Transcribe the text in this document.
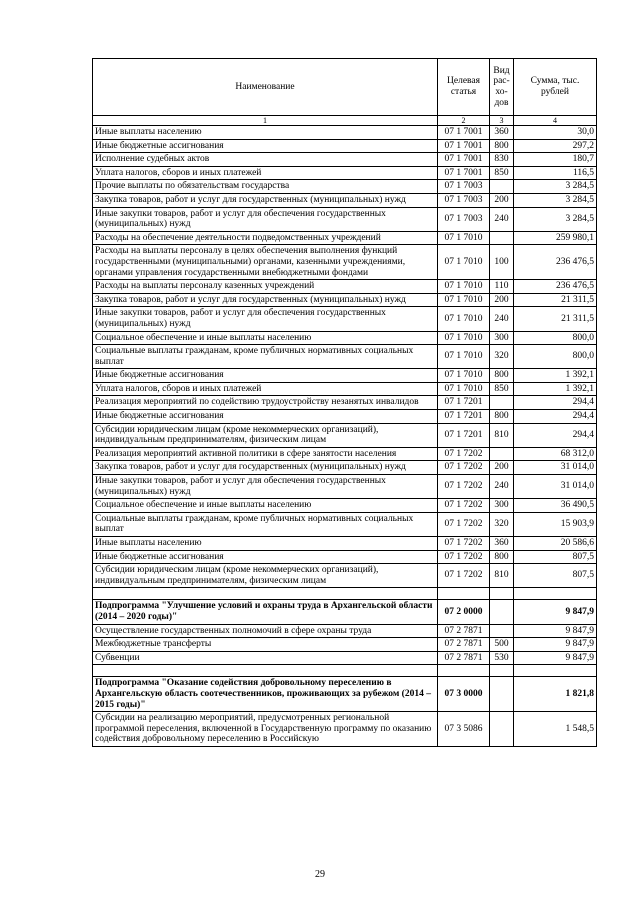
Наименование	Целевая статья	Вид рас-хо-дов	Сумма, тыс. рублей
1	2	3	4
Иные выплаты населению	07 1 7001	360	30,0
Иные бюджетные ассигнования	07 1 7001	800	297,2
Исполнение судебных актов	07 1 7001	830	180,7
Уплата налогов, сборов и иных платежей	07 1 7001	850	116,5
Прочие выплаты по обязательствам государства	07 1 7003		3 284,5
Закупка товаров, работ и услуг для государственных (муниципальных) нужд	07 1 7003	200	3 284,5
Иные закупки товаров, работ и услуг для обеспечения государственных (муниципальных) нужд	07 1 7003	240	3 284,5
Расходы на обеспечение деятельности подведомственных учреждений	07 1 7010		259 980,1
Расходы на выплаты персоналу в целях обеспечения выполнения функций государственными (муниципальными) органами, казенными учреждениями, органами управления государственными внебюджетными фондами	07 1 7010	100	236 476,5
Расходы на выплаты персоналу казенных учреждений	07 1 7010	110	236 476,5
Закупка товаров, работ и услуг для государственных (муниципальных) нужд	07 1 7010	200	21 311,5
Иные закупки товаров, работ и услуг для обеспечения государственных (муниципальных) нужд	07 1 7010	240	21 311,5
Социальное обеспечение и иные выплаты населению	07 1 7010	300	800,0
Социальные выплаты гражданам, кроме публичных нормативных социальных выплат	07 1 7010	320	800,0
Иные бюджетные ассигнования	07 1 7010	800	1 392,1
Уплата налогов, сборов и иных платежей	07 1 7010	850	1 392,1
Реализация мероприятий по содействию трудоустройству незанятых инвалидов	07 1 7201		294,4
Иные бюджетные ассигнования	07 1 7201	800	294,4
Субсидии юридическим лицам (кроме некоммерческих организаций), индивидуальным предпринимателям, физическим лицам	07 1 7201	810	294,4
Реализация мероприятий активной политики в сфере занятости населения	07 1 7202		68 312,0
Закупка товаров, работ и услуг для государственных (муниципальных) нужд	07 1 7202	200	31 014,0
Иные закупки товаров, работ и услуг для обеспечения государственных (муниципальных) нужд	07 1 7202	240	31 014,0
Социальное обеспечение и иные выплаты населению	07 1 7202	300	36 490,5
Социальные выплаты гражданам, кроме публичных нормативных социальных выплат	07 1 7202	320	15 903,9
Иные выплаты населению	07 1 7202	360	20 586,6
Иные бюджетные ассигнования	07 1 7202	800	807,5
Субсидии юридическим лицам (кроме некоммерческих организаций), индивидуальным предпринимателям, физическим лицам	07 1 7202	810	807,5

Подпрограмма "Улучшение условий и охраны труда в Архангельской области (2014 – 2020 годы)"	07 2 0000		9 847,9
Осуществление государственных полномочий в сфере охраны труда	07 2 7871		9 847,9
Межбюджетные трансферты	07 2 7871	500	9 847,9
Субвенции	07 2 7871	530	9 847,9

Подпрограмма "Оказание содействия добровольному переселению в Архангельскую область соотечественников, проживающих за рубежом (2014 – 2015 годы)"	07 3 0000		1 821,8
Субсидии на реализацию мероприятий, предусмотренных региональной программой переселения, включенной в Государственную программу по оказанию содействия добровольному переселению в Российскую	07 3 5086		1 548,5
29
